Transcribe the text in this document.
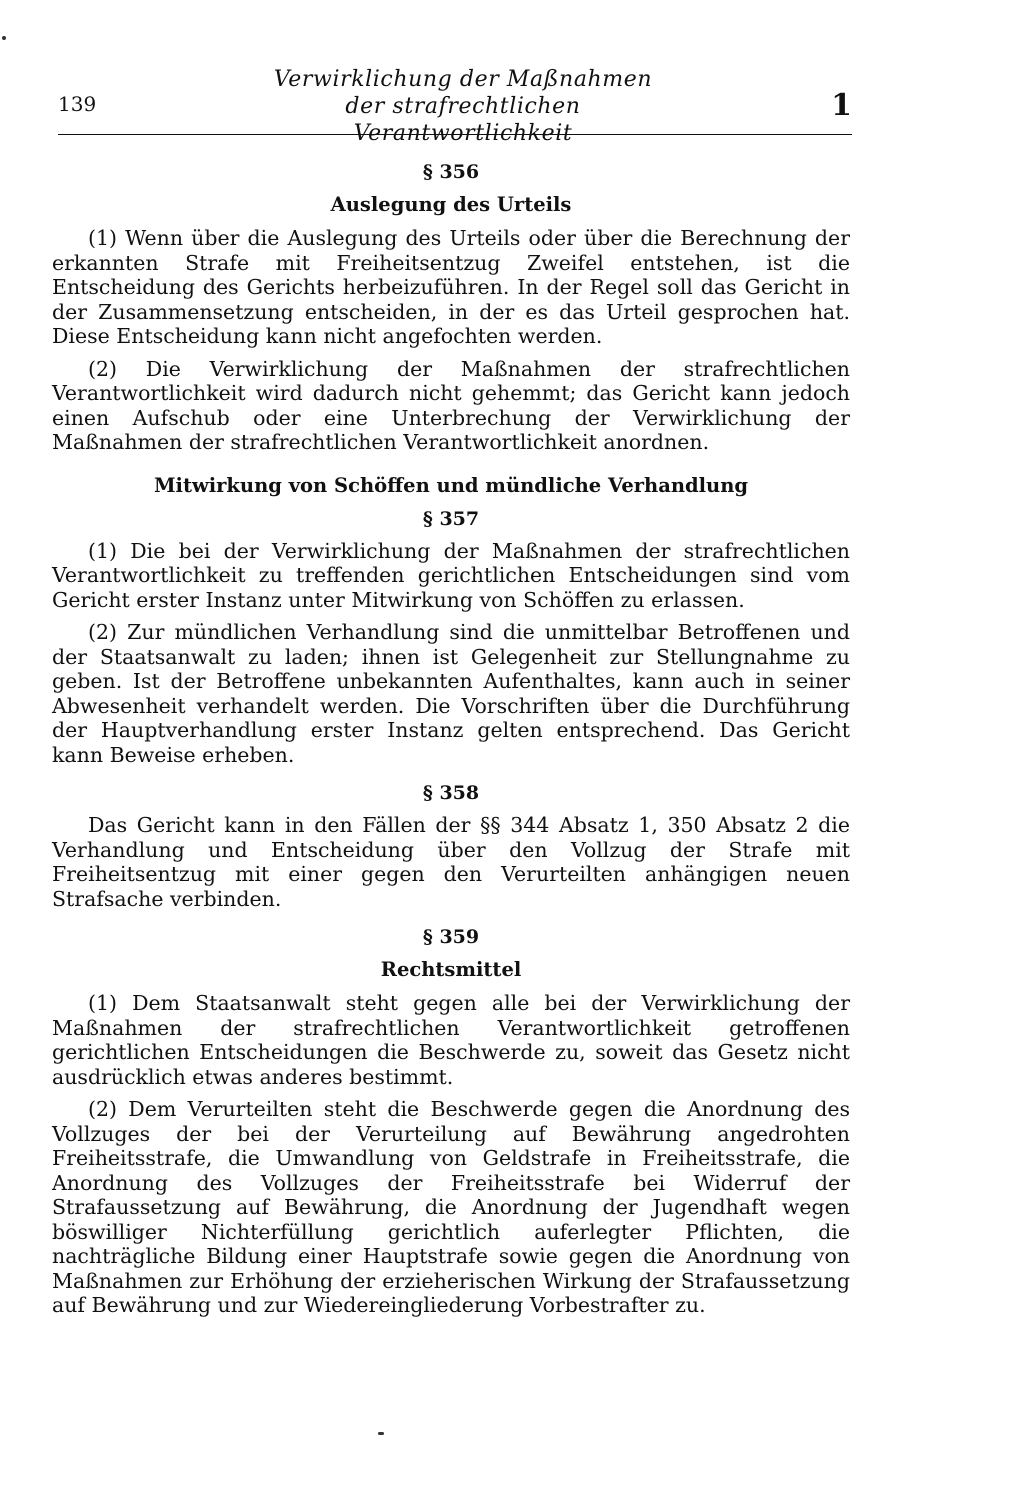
139
Verwirklichung der Maßnahmen
der strafrechtlichen Verantwortlichkeit
1

§ 356

Auslegung des Urteils

(1) Wenn über die Auslegung des Urteils oder über die Berechnung der erkannten Strafe mit Freiheitsentzug Zweifel entstehen, ist die Entscheidung des Gerichts herbeizuführen. In der Regel soll das Gericht in der Zusammensetzung entscheiden, in der es das Urteil gesprochen hat. Diese Entscheidung kann nicht angefochten werden.

(2) Die Verwirklichung der Maßnahmen der strafrechtlichen Verantwortlichkeit wird dadurch nicht gehemmt; das Gericht kann jedoch einen Aufschub oder eine Unterbrechung der Verwirklichung der Maßnahmen der strafrechtlichen Verantwortlichkeit anordnen.

Mitwirkung von Schöffen und mündliche Verhandlung

§ 357

(1) Die bei der Verwirklichung der Maßnahmen der strafrechtlichen Verantwortlichkeit zu treffenden gerichtlichen Entscheidungen sind vom Gericht erster Instanz unter Mitwirkung von Schöffen zu erlassen.

(2) Zur mündlichen Verhandlung sind die unmittelbar Betroffenen und der Staatsanwalt zu laden; ihnen ist Gelegenheit zur Stellungnahme zu geben. Ist der Betroffene unbekannten Aufenthaltes, kann auch in seiner Abwesenheit verhandelt werden. Die Vorschriften über die Durchführung der Hauptverhandlung erster Instanz gelten entsprechend. Das Gericht kann Beweise erheben.

§ 358

Das Gericht kann in den Fällen der §§ 344 Absatz 1, 350 Absatz 2 die Verhandlung und Entscheidung über den Vollzug der Strafe mit Freiheitsentzug mit einer gegen den Verurteilten anhängigen neuen Strafsache verbinden.

§ 359

Rechtsmittel

(1) Dem Staatsanwalt steht gegen alle bei der Verwirklichung der Maßnahmen der strafrechtlichen Verantwortlichkeit getroffenen gerichtlichen Entscheidungen die Beschwerde zu, soweit das Gesetz nicht ausdrücklich etwas anderes bestimmt.

(2) Dem Verurteilten steht die Beschwerde gegen die Anordnung des Vollzuges der bei der Verurteilung auf Bewährung angedrohten Freiheitsstrafe, die Umwandlung von Geldstrafe in Freiheitsstrafe, die Anordnung des Vollzuges der Freiheitsstrafe bei Widerruf der Strafaussetzung auf Bewährung, die Anordnung der Jugendhaft wegen böswilliger Nichterfüllung gerichtlich auferlegter Pflichten, die nachträgliche Bildung einer Hauptstrafe sowie gegen die Anordnung von Maßnahmen zur Erhöhung der erzieherischen Wirkung der Strafaussetzung auf Bewährung und zur Wiedereingliederung Vorbestrafter zu.
